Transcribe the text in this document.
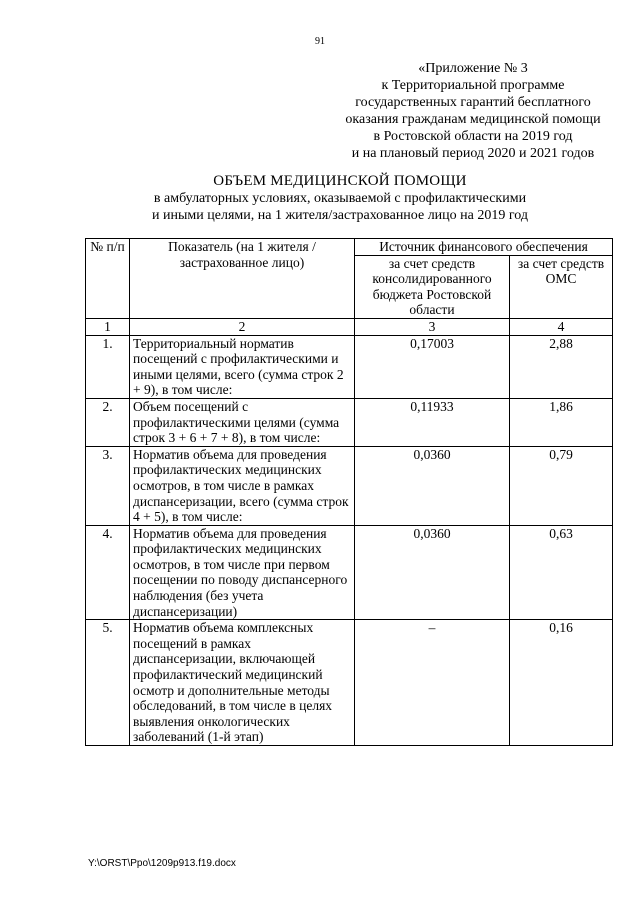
91
«Приложение № 3
к Территориальной программе
государственных гарантий бесплатного
оказания гражданам медицинской помощи
в Ростовской области на 2019 год
и на плановый период 2020 и 2021 годов
ОБЪЕМ МЕДИЦИНСКОЙ ПОМОЩИ
в амбулаторных условиях, оказываемой с профилактическими
и иными целями, на 1 жителя/застрахованное лицо на 2019 год
№ п/п	Показатель (на 1 жителя / застрахованное лицо)	Источник финансового обеспечения	
		за счет средств консолидированного бюджета Ростовской области	за счет средств ОМС
1	2	3	4
1.	Территориальный норматив посещений с профилактическими и иными целями, всего (сумма строк 2 + 9), в том числе:	0,17003	2,88
2.	Объем посещений с профилактическими целями (сумма строк 3 + 6 + 7 + 8), в том числе:	0,11933	1,86
3.	Норматив объема для проведения профилактических медицинских осмотров, в том числе в рамках диспансеризации, всего (сумма строк 4 + 5), в том числе:	0,0360	0,79
4.	Норматив объема для проведения профилактических медицинских осмотров, в том числе при первом посещении по поводу диспансерного наблюдения (без учета диспансеризации)	0,0360	0,63
5.	Норматив объема комплексных посещений в рамках диспансеризации, включающей профилактический медицинский осмотр и дополнительные методы обследований, в том числе в целях выявления онкологических заболеваний (1-й этап)	–	0,16
Y:\ORST\Ppo\1209p913.f19.docx
